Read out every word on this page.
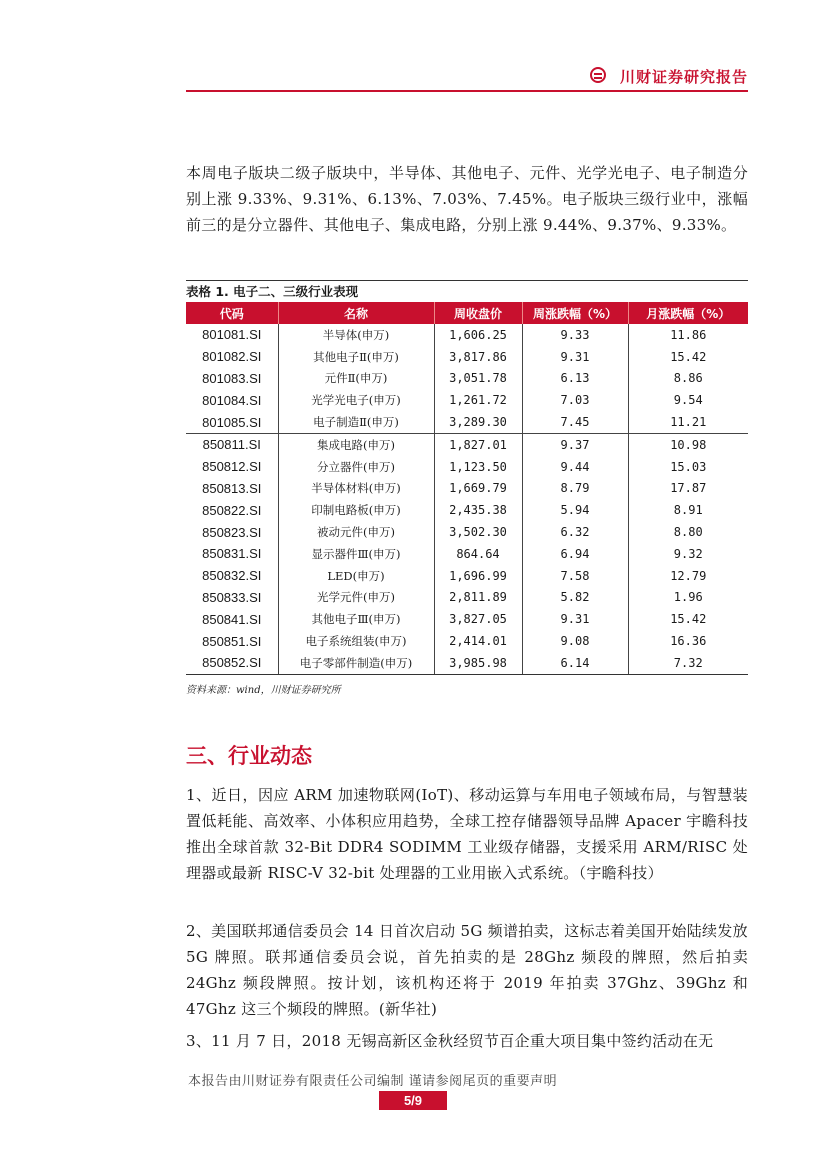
川财证券研究报告
本周电子版块二级子版块中，半导体、其他电子、元件、光学光电子、电子制造分别上涨 9.33%、9.31%、6.13%、7.03%、7.45%。电子版块三级行业中，涨幅前三的是分立器件、其他电子、集成电路，分别上涨 9.44%、9.37%、9.33%。
表格 1. 电子二、三级行业表现
代码	名称	周收盘价	周涨跌幅（%）	月涨跌幅（%）
801081.SI	半导体(申万)	1,606.25	9.33	11.86
801082.SI	其他电子Ⅱ(申万)	3,817.86	9.31	15.42
801083.SI	元件Ⅱ(申万)	3,051.78	6.13	8.86
801084.SI	光学光电子(申万)	1,261.72	7.03	9.54
801085.SI	电子制造Ⅱ(申万)	3,289.30	7.45	11.21
850811.SI	集成电路(申万)	1,827.01	9.37	10.98
850812.SI	分立器件(申万)	1,123.50	9.44	15.03
850813.SI	半导体材料(申万)	1,669.79	8.79	17.87
850822.SI	印制电路板(申万)	2,435.38	5.94	8.91
850823.SI	被动元件(申万)	3,502.30	6.32	8.80
850831.SI	显示器件Ⅲ(申万)	864.64	6.94	9.32
850832.SI	LED(申万)	1,696.99	7.58	12.79
850833.SI	光学元件(申万)	2,811.89	5.82	1.96
850841.SI	其他电子Ⅲ(申万)	3,827.05	9.31	15.42
850851.SI	电子系统组装(申万)	2,414.01	9.08	16.36
850852.SI	电子零部件制造(申万)	3,985.98	6.14	7.32
资料来源：wind，川财证券研究所
三、行业动态
1、近日，因应 ARM 加速物联网(IoT)、移动运算与车用电子领域布局，与智慧装置低耗能、高效率、小体积应用趋势，全球工控存储器领导品牌 Apacer 宇瞻科技推出全球首款 32-Bit DDR4 SODIMM 工业级存储器，支援采用 ARM/RISC 处理器或最新 RISC-V 32-bit 处理器的工业用嵌入式系统。（宇瞻科技）
2、美国联邦通信委员会 14 日首次启动 5G 频谱拍卖，这标志着美国开始陆续发放 5G 牌照。联邦通信委员会说，首先拍卖的是 28Ghz 频段的牌照，然后拍卖 24Ghz 频段牌照。按计划，该机构还将于 2019 年拍卖 37Ghz、39Ghz 和 47Ghz 这三个频段的牌照。(新华社)
3、11 月 7 日，2018 无锡高新区金秋经贸节百企重大项目集中签约活动在无
本报告由川财证券有限责任公司编制 谨请参阅尾页的重要声明
5/9
